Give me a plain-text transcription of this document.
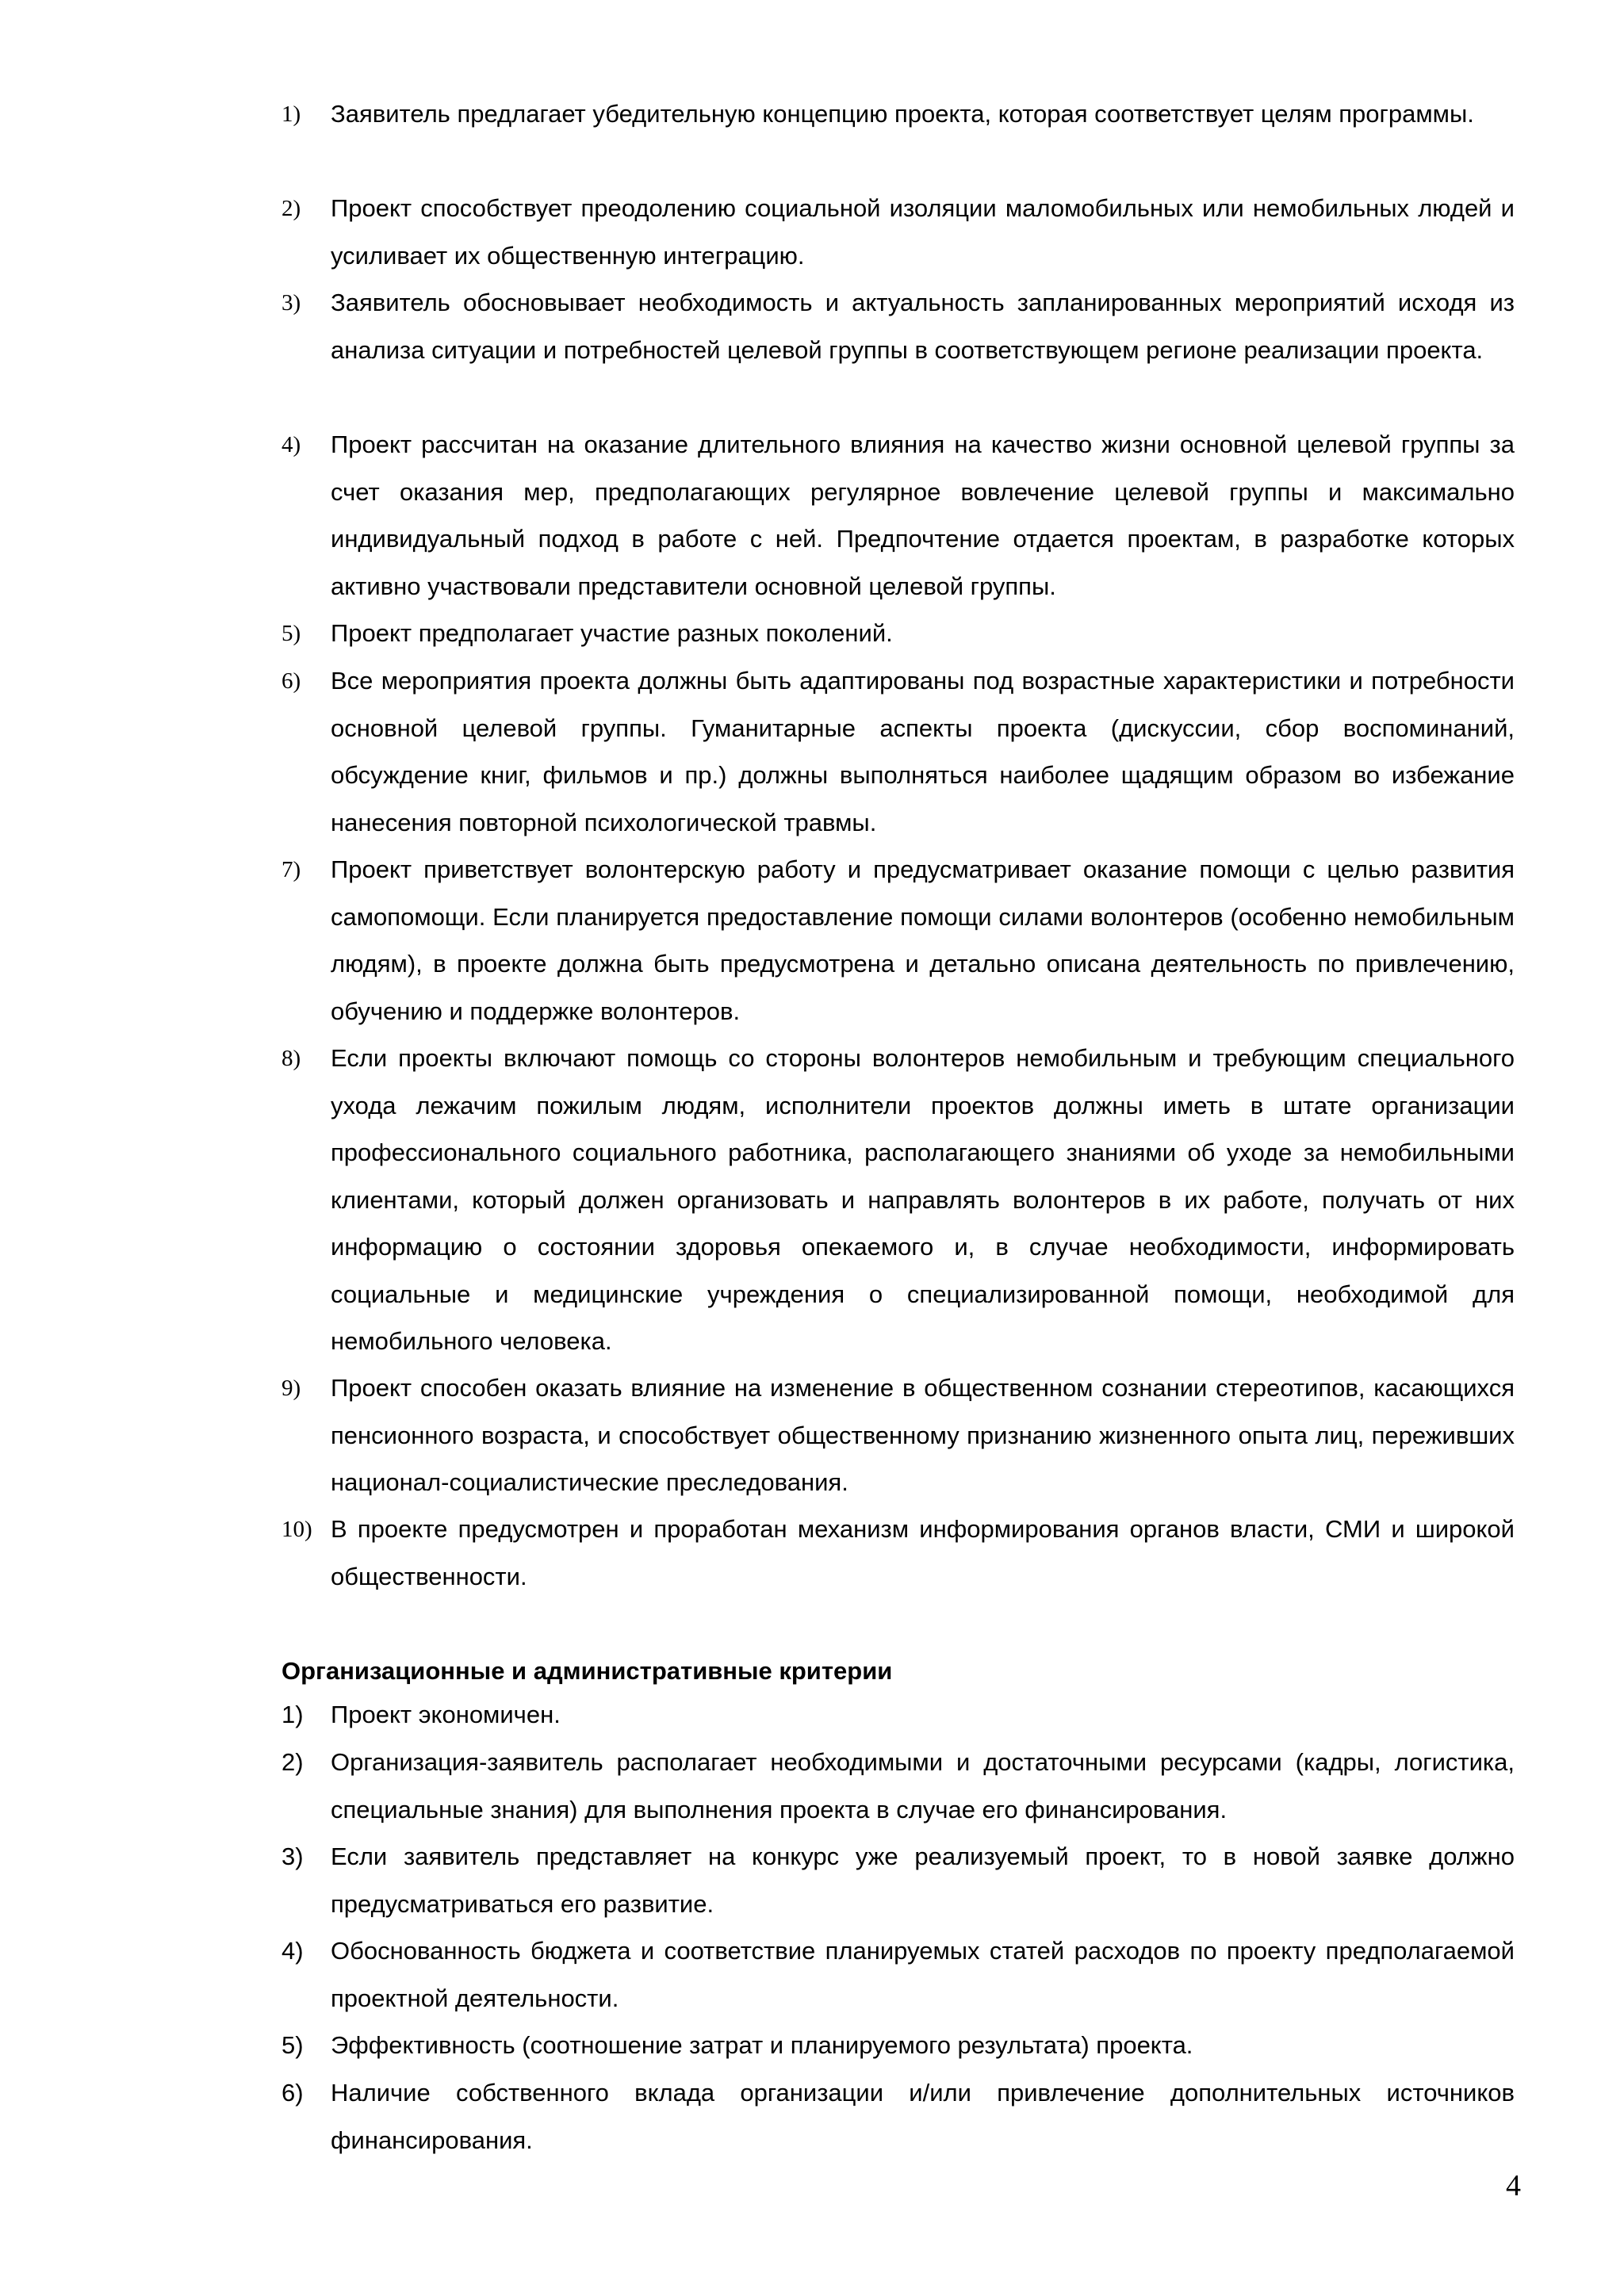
1) Заявитель предлагает убедительную концепцию проекта, которая соответствует целям программы.
2) Проект способствует преодолению социальной изоляции маломобильных или немобильных людей и усиливает их общественную интеграцию.
3) Заявитель обосновывает необходимость и актуальность запланированных мероприятий исходя из анализа ситуации и потребностей целевой группы в соответствующем регионе реализации проекта.
4) Проект рассчитан на оказание длительного влияния на качество жизни основной целевой группы за счет оказания мер, предполагающих регулярное вовлечение целевой группы и максимально индивидуальный подход в работе с ней. Предпочтение отдается проектам, в разработке которых активно участвовали представители основной целевой группы.
5) Проект предполагает участие разных поколений.
6) Все мероприятия проекта должны быть адаптированы под возрастные характеристики и потребности основной целевой группы. Гуманитарные аспекты проекта (дискуссии, сбор воспоминаний, обсуждение книг, фильмов и пр.) должны выполняться наиболее щадящим образом во избежание нанесения повторной психологической травмы.
7) Проект приветствует волонтерскую работу и предусматривает оказание помощи с целью развития самопомощи. Если планируется предоставление помощи силами волонтеров (особенно немобильным людям), в проекте должна быть предусмотрена и детально описана деятельность по привлечению, обучению и поддержке волонтеров.
8) Если проекты включают помощь со стороны волонтеров немобильным и требующим специального ухода лежачим пожилым людям, исполнители проектов должны иметь в штате организации профессионального социального работника, располагающего знаниями об уходе за немобильными клиентами, который должен организовать и направлять волонтеров в их работе, получать от них информацию о состоянии здоровья опекаемого и, в случае необходимости, информировать социальные и медицинские учреждения о специализированной помощи, необходимой для немобильного человека.
9) Проект способен оказать влияние на изменение в общественном сознании стереотипов, касающихся пенсионного возраста, и способствует общественному признанию жизненного опыта лиц, переживших национал-социалистические преследования.
10) В проекте предусмотрен и проработан механизм информирования органов власти, СМИ и широкой общественности.
Организационные и административные критерии
1) Проект экономичен.
2) Организация-заявитель располагает необходимыми и достаточными ресурсами (кадры, логистика, специальные знания) для выполнения проекта в случае его финансирования.
3) Если заявитель представляет на конкурс уже реализуемый проект, то в новой заявке должно предусматриваться его развитие.
4) Обоснованность бюджета и соответствие планируемых статей расходов по проекту предполагаемой проектной деятельности.
5) Эффективность (соотношение затрат и планируемого результата) проекта.
6) Наличие собственного вклада организации и/или привлечение дополнительных источников финансирования.
4
